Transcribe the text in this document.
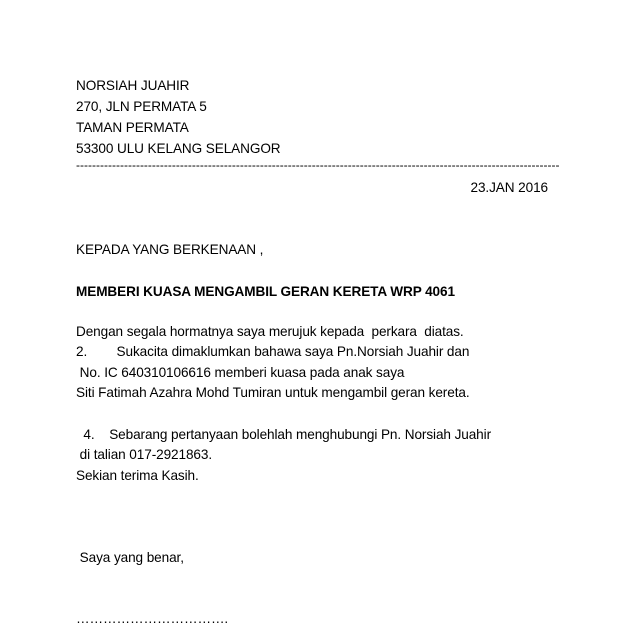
NORSIAH JUAHIR
270, JLN PERMATA 5
TAMAN PERMATA
53300 ULU KELANG SELANGOR
-------------------------------------------------------------------------------------------------------------------------
23.JAN 2016
KEPADA YANG BERKENAAN ,
MEMBERI KUASA MENGAMBIL GERAN KERETA WRP 4061
Dengan segala hormatnya saya merujuk kepada  perkara  diatas.
2.        Sukacita dimaklumkan bahawa saya Pn.Norsiah Juahir dan
No. IC 640310106616 memberi kuasa pada anak saya
Siti Fatimah Azahra Mohd Tumiran untuk mengambil geran kereta.
4.    Sebarang pertanyaan bolehlah menghubungi Pn. Norsiah Juahir
di talian 017-2921863.
Sekian terima Kasih.
Saya yang benar,
…………………………….
